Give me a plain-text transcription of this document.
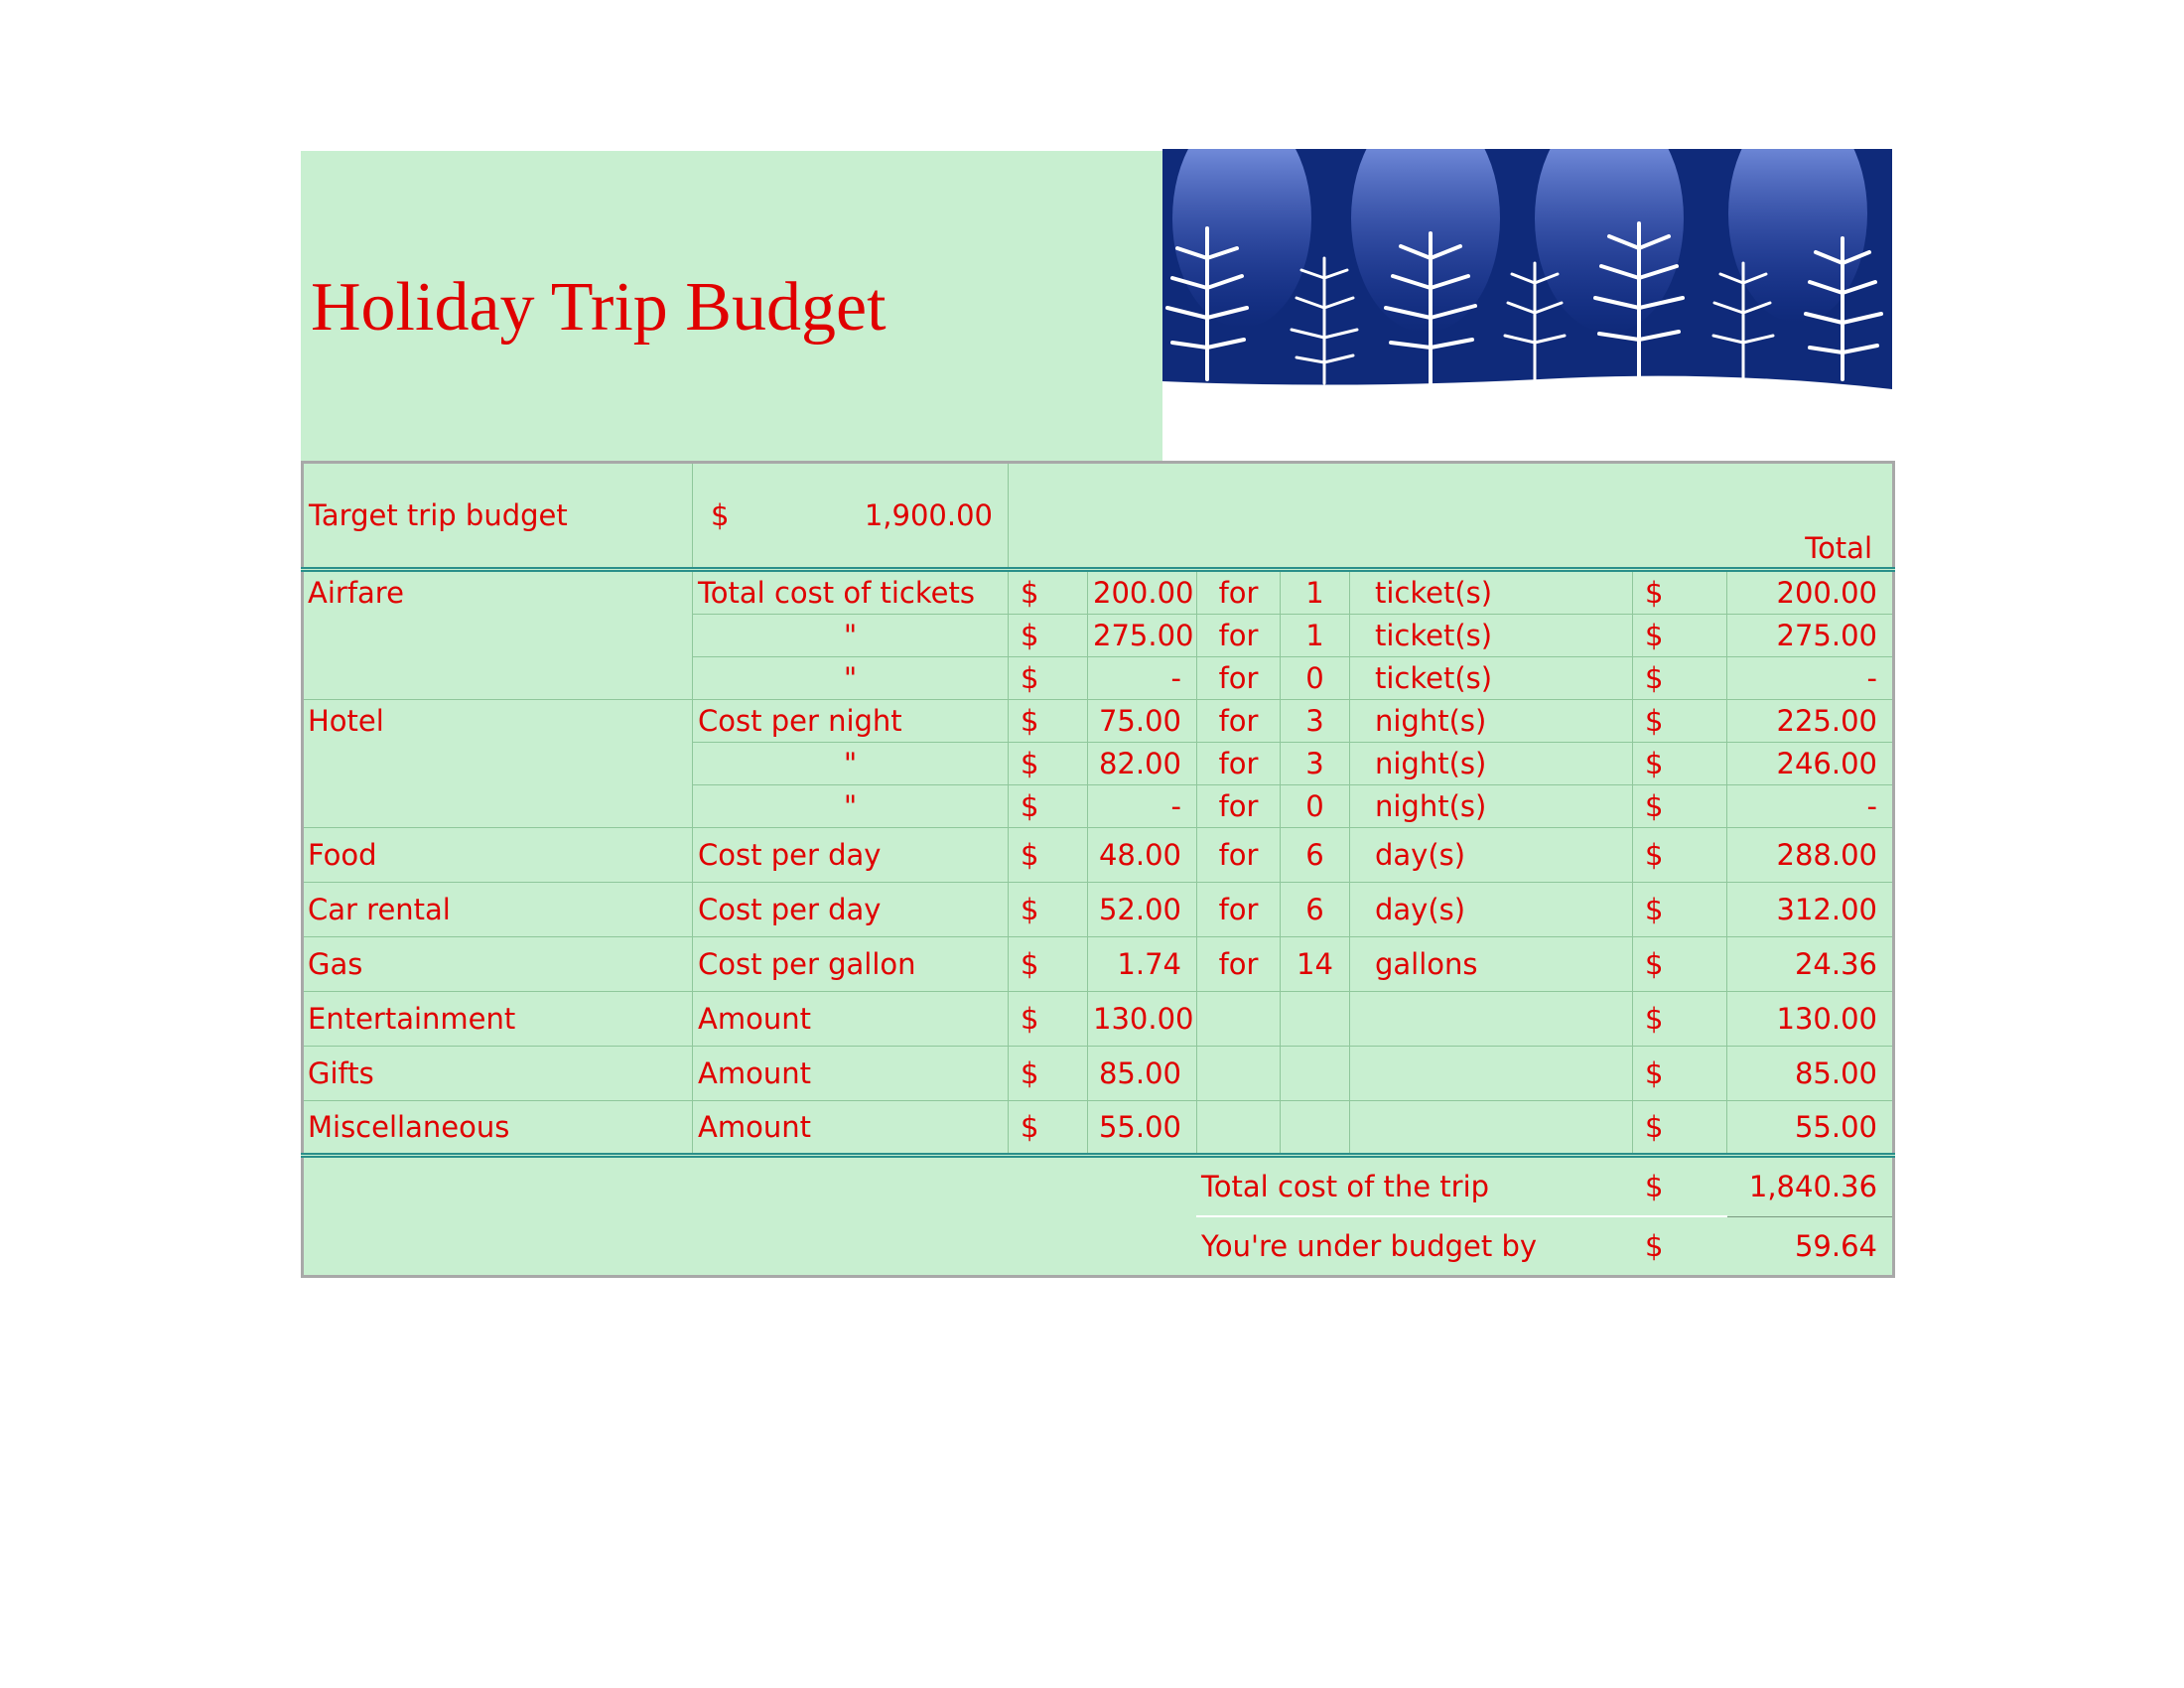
Holiday Trip Budget
Target trip budget	$ 1,900.00	Total						
Airfare	Total cost of tickets	$	200.00	for	1	ticket(s)	$	200.00
	"	$	275.00	for	1	ticket(s)	$	275.00
	"	$	-	for	0	ticket(s)	$	-
Hotel	Cost per night	$	75.00	for	3	night(s)	$	225.00
	"	$	82.00	for	3	night(s)	$	246.00
	"	$	-	for	0	night(s)	$	-
Food	Cost per day	$	48.00	for	6	day(s)	$	288.00
Car rental	Cost per day	$	52.00	for	6	day(s)	$	312.00
Gas	Cost per gallon	$	1.74	for	14	gallons	$	24.36
Entertainment	Amount	$	130.00				$	130.00
Gifts	Amount	$	85.00				$	85.00
Miscellaneous	Amount	$	55.00				$	55.00
				Total cost of the trip			$	1,840.36
				You're under budget by			$	59.64
